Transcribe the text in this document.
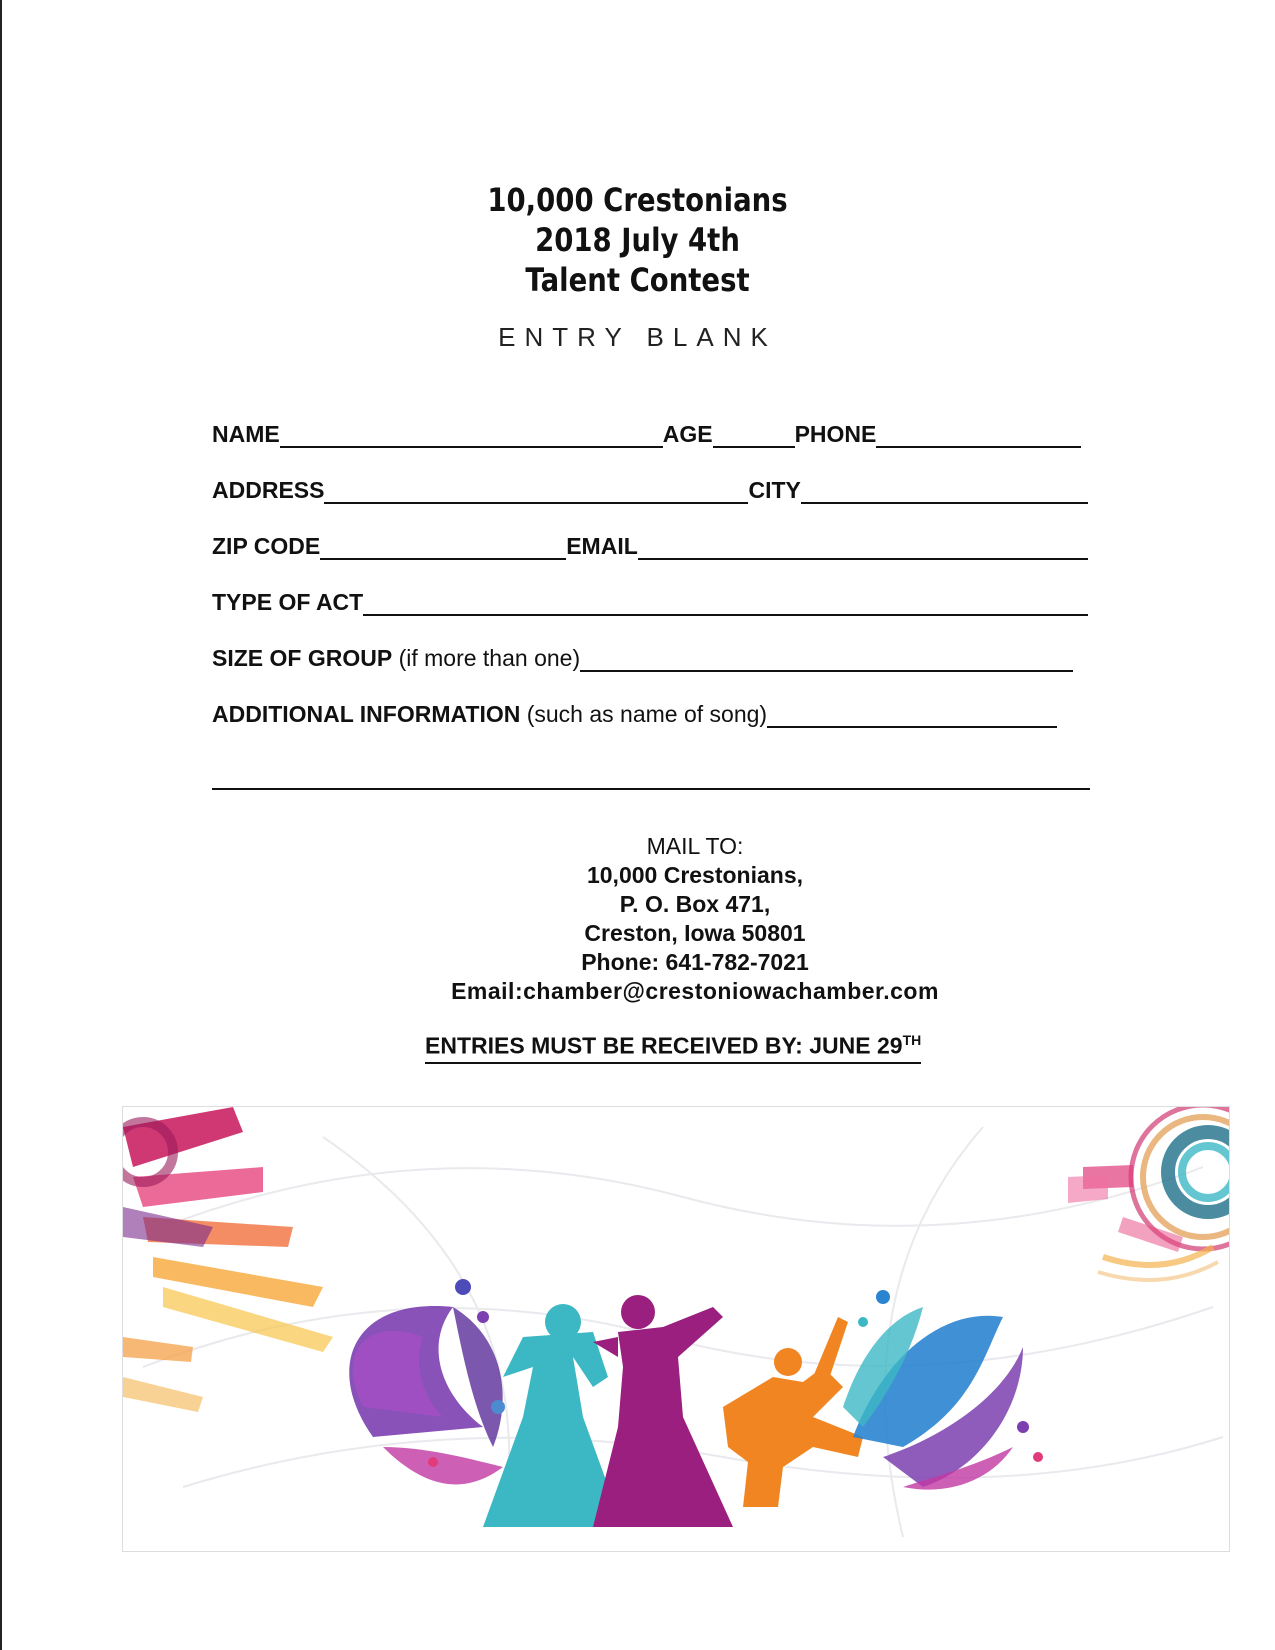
10,000 Crestonians
2018 July 4th
Talent Contest
ENTRY BLANK
NAME	AGE	PHONE
ADDRESS	CITY
ZIP CODE	EMAIL
TYPE OF ACT
SIZE OF GROUP (if more than one)
ADDITIONAL INFORMATION (such as name of song)
MAIL TO:
10,000 Crestonians,
P. O. Box 471,
Creston, Iowa 50801
Phone: 641-782-7021
Email:chamber@crestoniowachamber.com
ENTRIES MUST BE RECEIVED BY: JUNE 29TH
